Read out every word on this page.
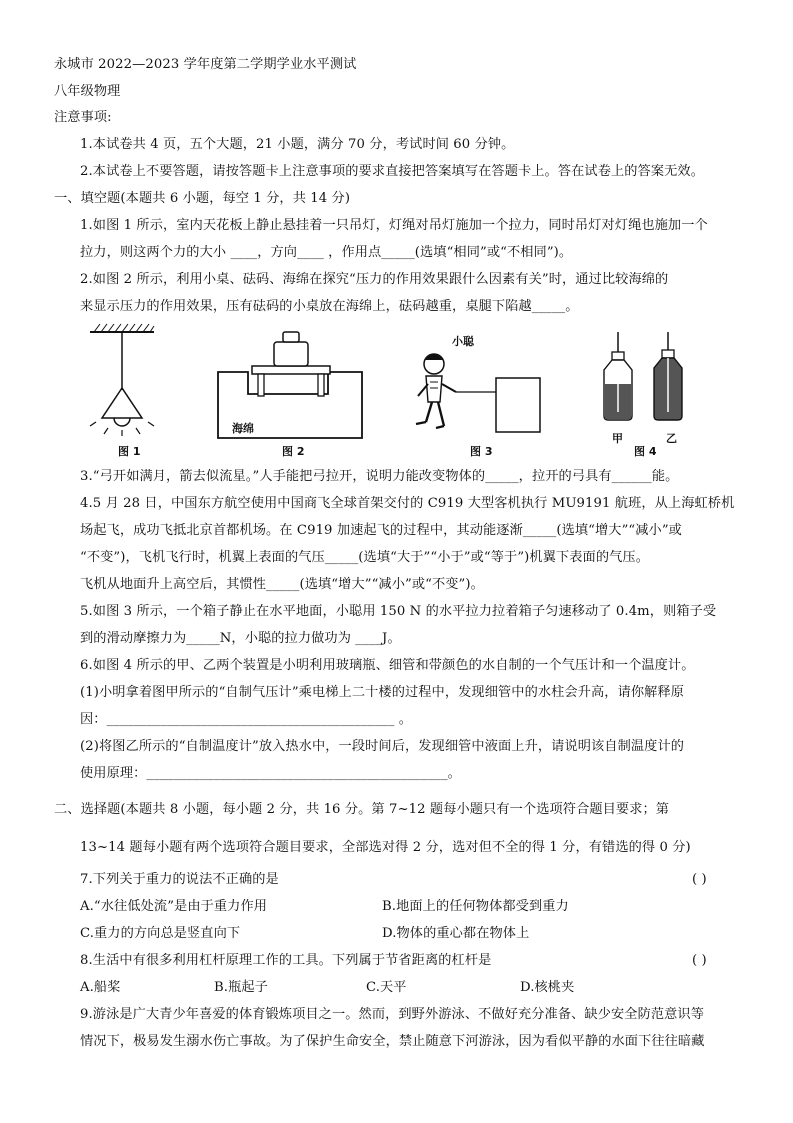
永城市 2022—2023 学年度第二学期学业水平测试
八年级物理
注意事项:
1.本试卷共 4 页，五个大题，21 小题，满分 70 分，考试时间 60 分钟。
2.本试卷上不要答题，请按答题卡上注意事项的要求直接把答案填写在答题卡上。答在试卷上的答案无效。
一、填空题(本题共 6 小题，每空 1 分，共 14 分)
1.如图 1 所示，室内天花板上静止悬挂着一只吊灯，灯绳对吊灯施加一个拉力，同时吊灯对灯绳也施加一个
拉力，则这两个力的大小 ____，方向____ ，作用点_____(选填“相同”或“不相同”)。
2.如图 2 所示，利用小桌、砝码、海绵在探究“压力的作用效果跟什么因素有关”时，通过比较海绵的
来显示压力的作用效果，压有砝码的小桌放在海绵上，砝码越重，桌腿下陷越_____。
图 1
海绵
图 2
小聪
图 3
甲	乙
图 4
3.“弓开如满月，箭去似流星。”人手能把弓拉开，说明力能改变物体的_____，拉开的弓具有______能。
4.5 月 28 日，中国东方航空使用中国商飞全球首架交付的 C919 大型客机执行 MU9191 航班，从上海虹桥机
场起飞，成功飞抵北京首都机场。在 C919 加速起飞的过程中，其动能逐渐_____(选填“增大”“减小”或
“不变”)，飞机飞行时，机翼上表面的气压_____(选填“大于”“小于”或“等于”)机翼下表面的气压。
飞机从地面升上高空后，其惯性_____(选填“增大”“减小”或“不变”)。
5.如图 3 所示，一个箱子静止在水平地面，小聪用 150 N 的水平拉力拉着箱子匀速移动了 0.4m，则箱子受
到的滑动摩擦力为_____N，小聪的拉力做功为 ____J。
6.如图 4 所示的甲、乙两个装置是小明利用玻璃瓶、细管和带颜色的水自制的一个气压计和一个温度计。
(1)小明拿着图甲所示的“自制气压计”乘电梯上二十楼的过程中，发现细管中的水柱会升高，请你解释原
因：___________________________________________ 。
(2)将图乙所示的“自制温度计”放入热水中，一段时间后，发现细管中液面上升，请说明该自制温度计的
使用原理：_____________________________________________。
二、选择题(本题共 8 小题，每小题 2 分，共 16 分。第 7~12 题每小题只有一个选项符合题目要求；第
13~14 题每小题有两个选项符合题目要求，全部选对得 2 分，选对但不全的得 1 分，有错选的得 0 分)
7.下列关于重力的说法不正确的是	( )
A.“水往低处流”是由于重力作用	B.地面上的任何物体都受到重力
C.重力的方向总是竖直向下	D.物体的重心都在物体上
8.生活中有很多利用杠杆原理工作的工具。下列属于节省距离的杠杆是	( )
A.船桨	B.瓶起子	C.天平	D.核桃夹
9.游泳是广大青少年喜爱的体育锻炼项目之一。然而，到野外游泳、不做好充分准备、缺少安全防范意识等
情况下，极易发生溺水伤亡事故。为了保护生命安全，禁止随意下河游泳，因为看似平静的水面下往往暗藏
